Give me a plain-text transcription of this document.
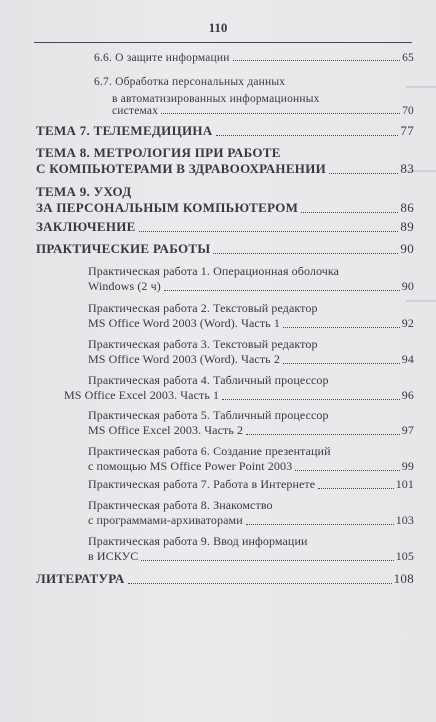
110
6.6. О защите информации	65
6.7. Обработка персональных данных
в автоматизированных информационных
системах	70
ТЕМА 7. ТЕЛЕМЕДИЦИНА	77
ТЕМА 8. МЕТРОЛОГИЯ ПРИ РАБОТЕ
С КОМПЬЮТЕРАМИ В ЗДРАВООХРАНЕНИИ	83
ТЕМА 9. УХОД
ЗА ПЕРСОНАЛЬНЫМ КОМПЬЮТЕРОМ	86
ЗАКЛЮЧЕНИЕ	89
ПРАКТИЧЕСКИЕ РАБОТЫ	90
Практическая работа 1. Операционная оболочка
Windows (2 ч)	90
Практическая работа 2. Текстовый редактор
MS Office Word 2003 (Word). Часть 1	92
Практическая работа 3. Текстовый редактор
MS Office Word 2003 (Word). Часть 2	94
Практическая работа 4. Табличный процессор
MS Office Excel 2003. Часть 1	96
Практическая работа 5. Табличный процессор
MS Office Excel 2003. Часть 2	97
Практическая работа 6. Создание презентаций
с помощью MS Office Power Point 2003	99
Практическая работа 7. Работа в Интернете	101
Практическая работа 8. Знакомство
с программами-архиваторами	103
Практическая работа 9. Ввод информации
в ИСКУС	105
ЛИТЕРАТУРА	108
